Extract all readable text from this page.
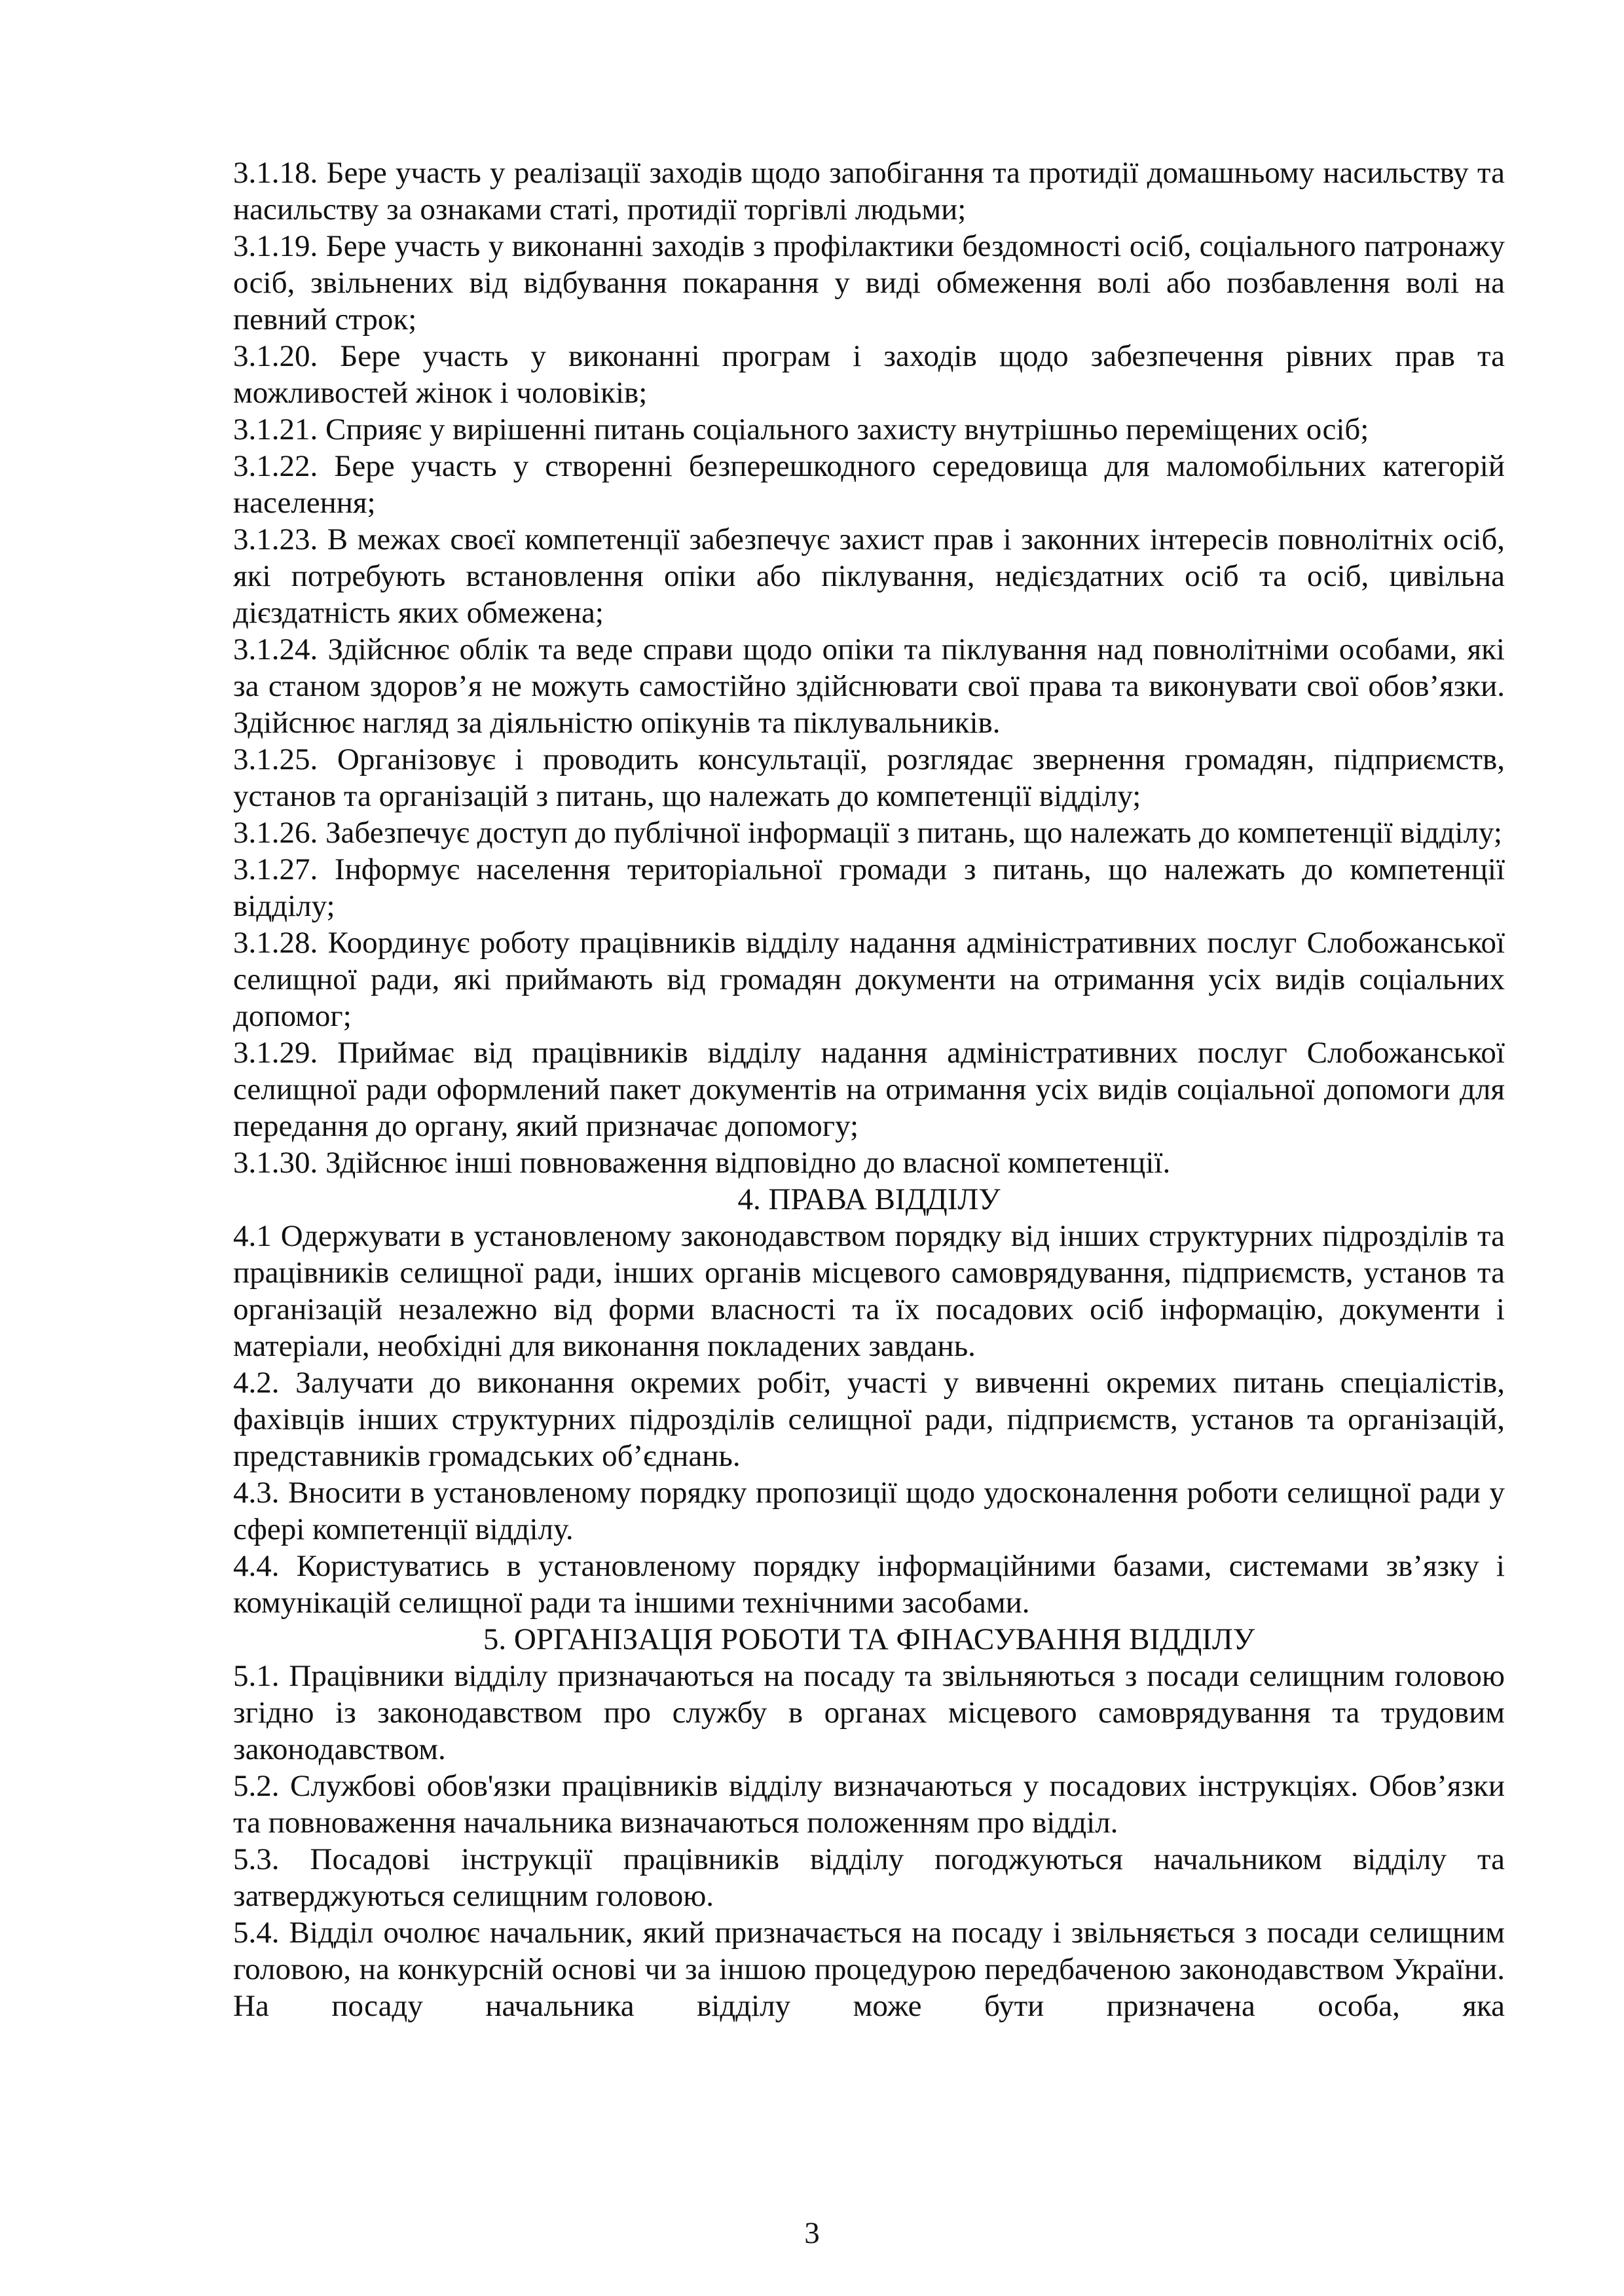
3.1.18. Бере участь у реалізації заходів щодо запобігання та протидії домашньому насильству та насильству за ознаками статі, протидії торгівлі людьми;

3.1.19. Бере участь у виконанні заходів з профілактики бездомності осіб, соціального патронажу осіб, звільнених від відбування покарання у виді обмеження волі або позбавлення волі на певний строк;

3.1.20. Бере участь у виконанні програм і заходів щодо забезпечення рівних прав та можливостей жінок і чоловіків;

3.1.21. Сприяє у вирішенні питань соціального захисту внутрішньо переміщених осіб;

3.1.22. Бере участь у створенні безперешкодного середовища для маломобільних категорій населення;

3.1.23. В межах своєї компетенції забезпечує захист прав і законних інтересів повнолітніх осіб, які потребують встановлення опіки або піклування, недієздатних осіб та осіб, цивільна дієздатність яких обмежена;

3.1.24. Здійснює облік та веде справи щодо опіки та піклування над повнолітніми особами, які за станом здоров’я не можуть самостійно здійснювати свої права та виконувати свої обов’язки. Здійснює нагляд за діяльністю опікунів та піклувальників.

3.1.25. Організовує і проводить консультації, розглядає звернення громадян, підприємств, установ та організацій з питань, що належать до компетенції відділу;

3.1.26. Забезпечує доступ до публічної інформації з питань, що належать до компетенції відділу;

3.1.27. Інформує населення територіальної громади з питань, що належать до компетенції відділу;

3.1.28. Координує роботу працівників відділу надання адміністративних послуг Слобожанської селищної ради, які приймають від громадян документи на отримання усіх видів соціальних допомог;

3.1.29. Приймає від працівників відділу надання адміністративних послуг Слобожанської селищної ради оформлений пакет документів на отримання усіх видів соціальної допомоги для передання до органу, який призначає допомогу;

3.1.30. Здійснює інші повноваження відповідно до власної компетенції.

4. ПРАВА ВІДДІЛУ

4.1 Одержувати в установленому законодавством порядку від інших структурних підрозділів та працівників селищної ради, інших органів місцевого самоврядування, підприємств, установ та організацій незалежно від форми власності та їх посадових осіб інформацію, документи і матеріали, необхідні для виконання покладених завдань.

4.2. Залучати до виконання окремих робіт, участі у вивченні окремих питань спеціалістів, фахівців інших структурних підрозділів селищної ради, підприємств, установ та організацій, представників громадських об’єднань.

4.3. Вносити в установленому порядку пропозиції щодо удосконалення роботи селищної ради у сфері компетенції відділу.

4.4. Користуватись в установленому порядку інформаційними базами, системами зв’язку і комунікацій селищної ради та іншими технічними засобами.

5. ОРГАНІЗАЦІЯ РОБОТИ ТА ФІНАСУВАННЯ ВІДДІЛУ

5.1. Працівники відділу призначаються на посаду та звільняються з посади селищним головою згідно із законодавством про службу в органах місцевого самоврядування та трудовим законодавством.

5.2. Службові обов'язки працівників відділу визначаються у посадових інструкціях. Обов’язки та повноваження начальника визначаються положенням про відділ.

5.3. Посадові інструкції працівників відділу погоджуються начальником відділу та затверджуються селищним головою.

5.4. Відділ очолює начальник, який призначається на посаду і звільняється з посади селищним головою, на конкурсній основі чи за іншою процедурою передбаченою законодавством України. На посаду начальника відділу може бути призначена особа, яка

3
